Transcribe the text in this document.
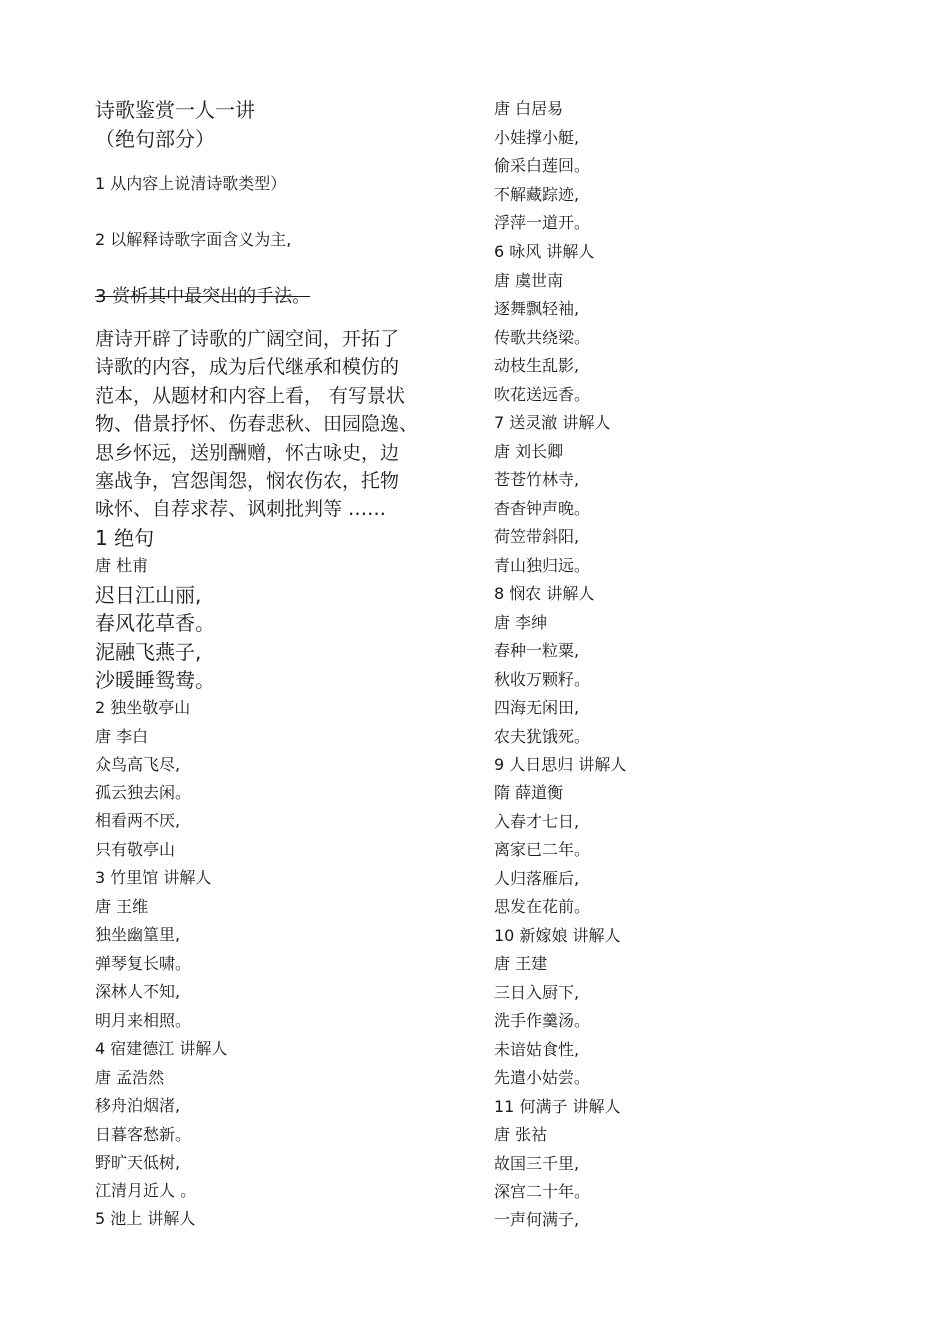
诗歌鉴赏一人一讲
（绝句部分）
1 从内容上说清诗歌类型）
2 以解释诗歌字面含义为主,
3 赏析其中最突出的手法。
唐诗开辟了诗歌的广阔空间，开拓了
诗歌的内容，成为后代继承和模仿的
范本，从题材和内容上看， 有写景状
物、借景抒怀、伤春悲秋、田园隐逸、
思乡怀远，送别酬赠，怀古咏史，边
塞战争，宫怨闺怨，悯农伤农，托物
咏怀、自荐求荐、讽刺批判等 ……
1 绝句
唐 杜甫
迟日江山丽,
春风花草香。
泥融飞燕子,
沙暖睡鸳鸯。
2 独坐敬亭山
唐 李白
众鸟高飞尽,
孤云独去闲。
相看两不厌,
只有敬亭山
3 竹里馆 讲解人
唐 王维
独坐幽篁里,
弹琴复长啸。
深林人不知,
明月来相照。
4 宿建德江 讲解人
唐 孟浩然
移舟泊烟渚,
日暮客愁新。
野旷天低树,
江清月近人 。
5 池上 讲解人
唐 白居易
小娃撑小艇,
偷采白莲回。
不解藏踪迹,
浮萍一道开。
6 咏风 讲解人
唐 虞世南
逐舞飘轻袖,
传歌共绕梁。
动枝生乱影,
吹花送远香。
7 送灵澈 讲解人
唐 刘长卿
苍苍竹林寺,
杳杳钟声晚。
荷笠带斜阳,
青山独归远。
8 悯农 讲解人
唐 李绅
春种一粒粟,
秋收万颗籽。
四海无闲田,
农夫犹饿死。
9 人日思归 讲解人
隋 薛道衡
入春才七日,
离家已二年。
人归落雁后,
思发在花前。
10 新嫁娘 讲解人
唐 王建
三日入厨下,
洗手作羹汤。
未谙姑食性,
先遣小姑尝。
11 何满子 讲解人
唐 张祜
故国三千里,
深宫二十年。
一声何满子,
